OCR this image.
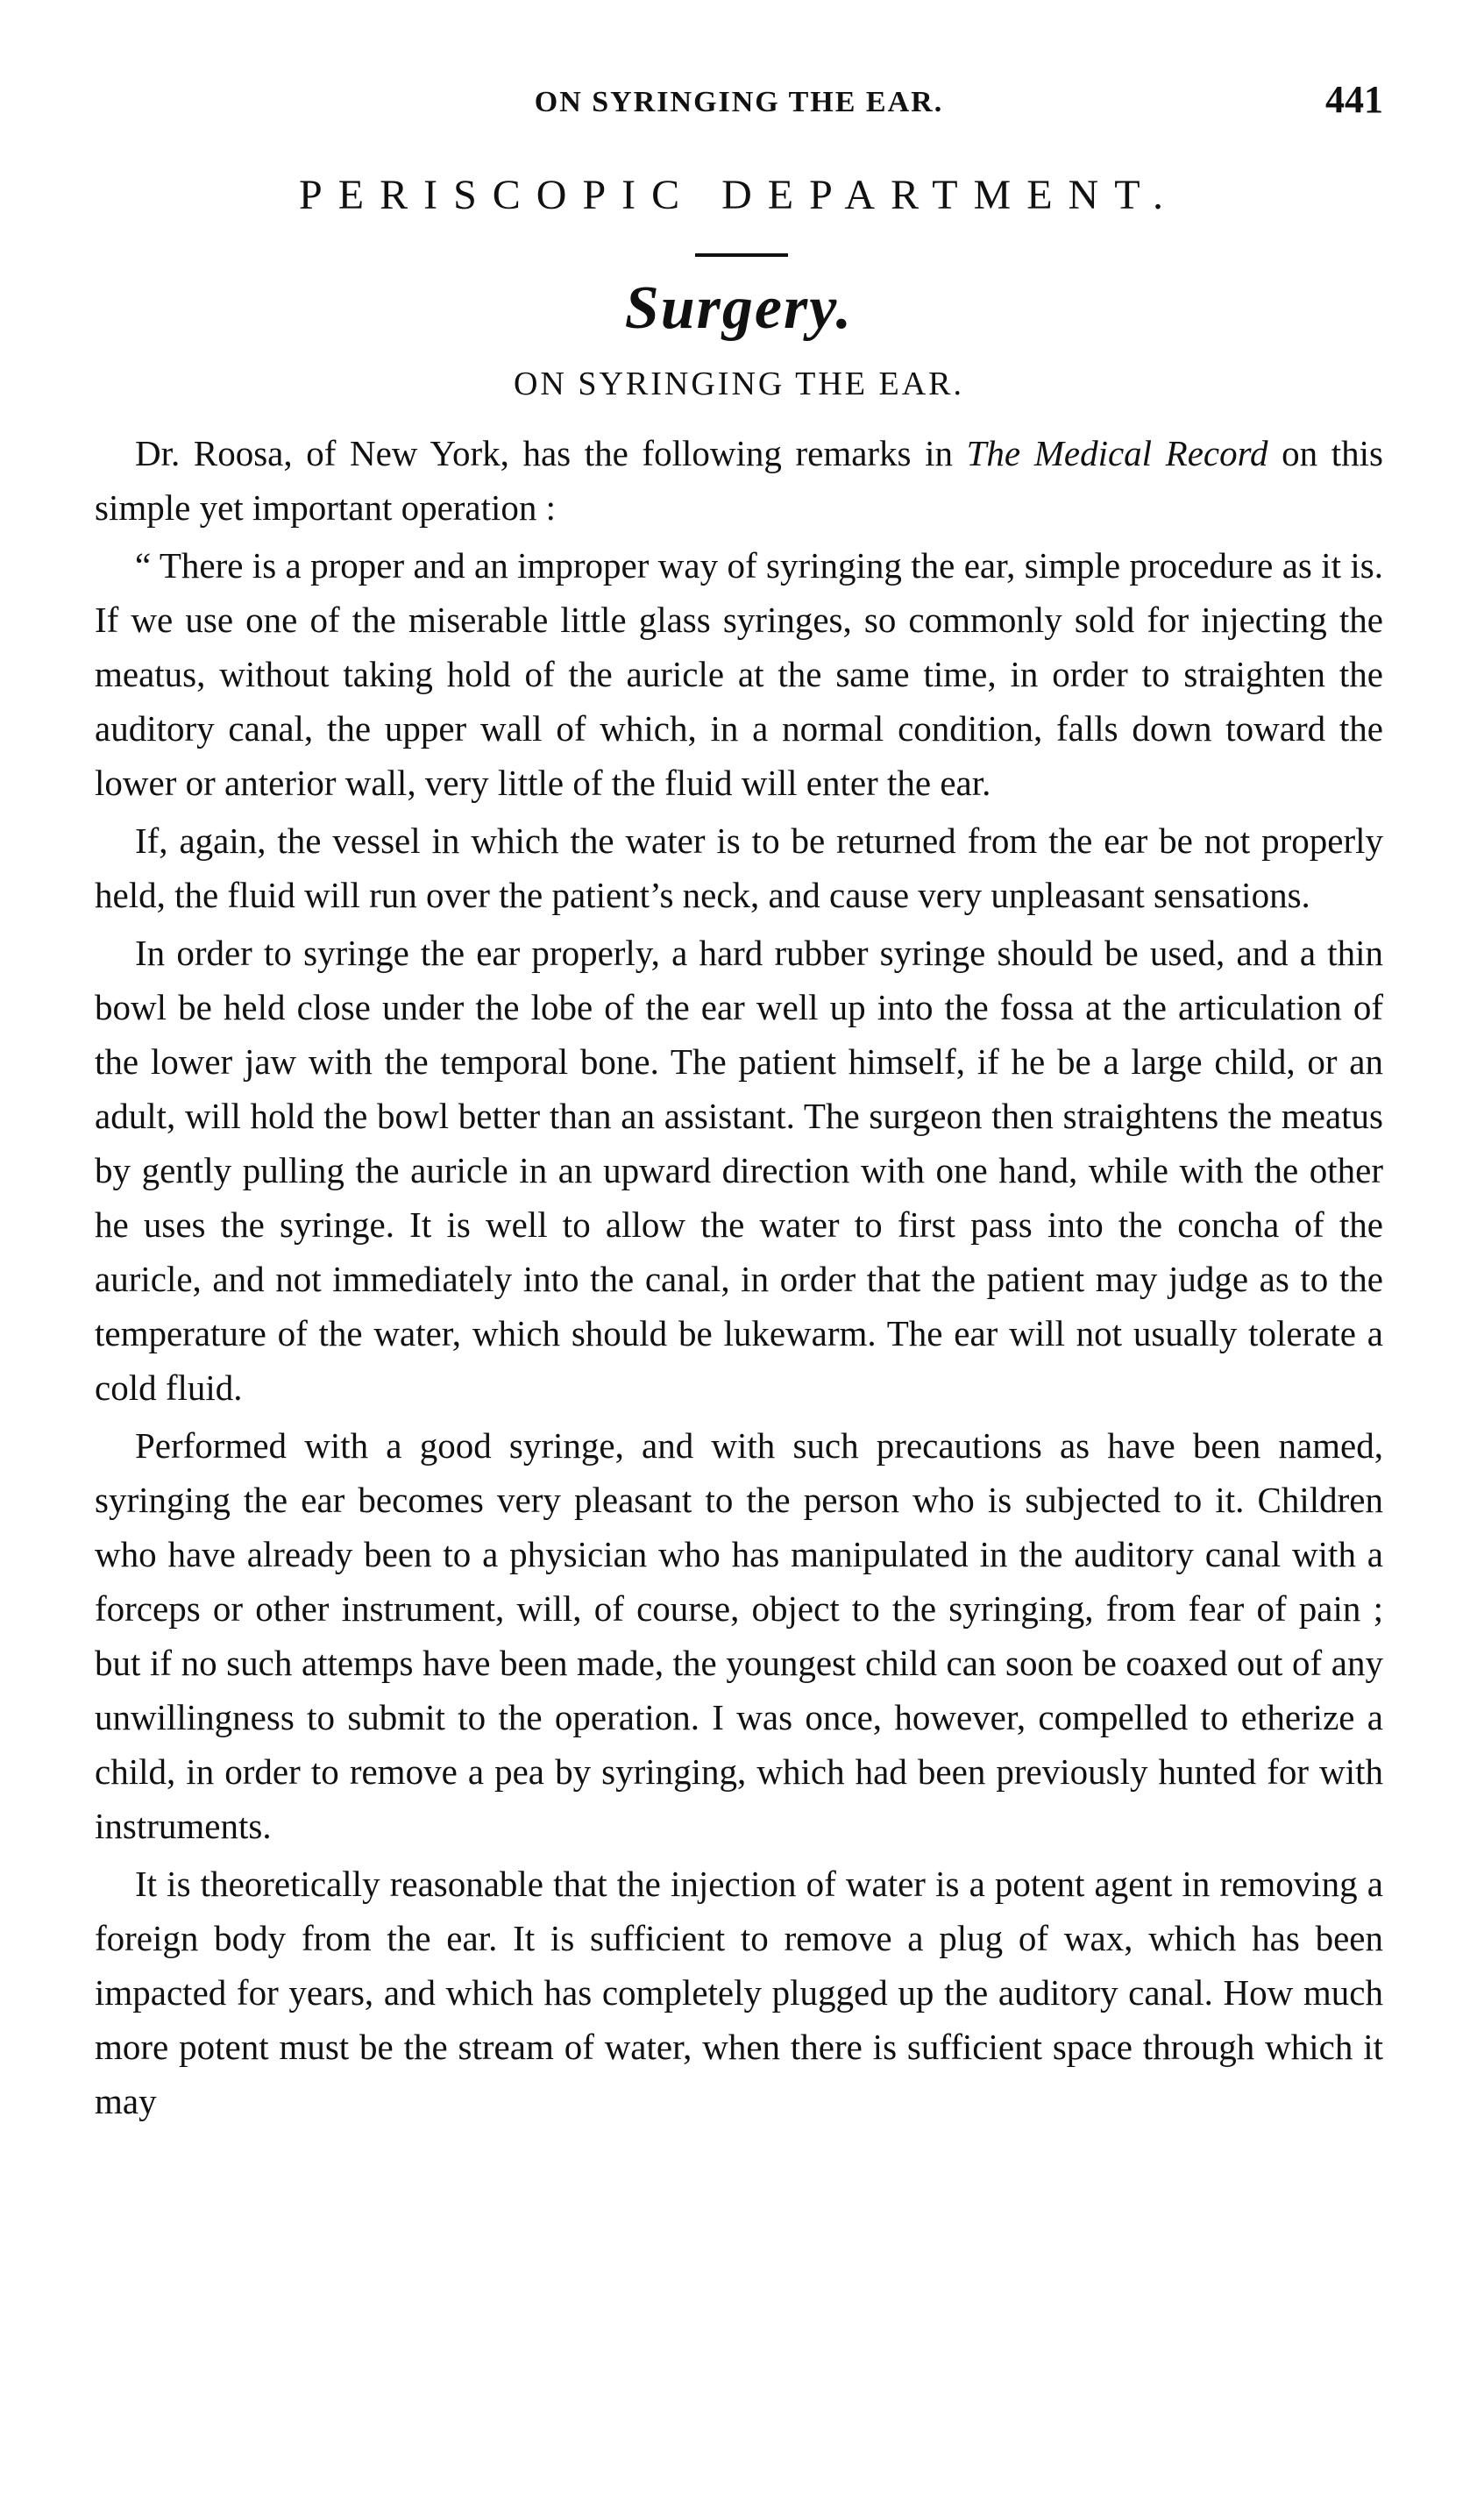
ON SYRINGING THE EAR.	441
PERISCOPIC DEPARTMENT.
Surgery.
ON SYRINGING THE EAR.

Dr. Roosa, of New York, has the following remarks in The Medical Record on this simple yet important operation :

“ There is a proper and an improper way of syringing the ear, simple procedure as it is. If we use one of the miserable little glass syringes, so commonly sold for injecting the meatus, without taking hold of the auricle at the same time, in order to straighten the auditory canal, the upper wall of which, in a normal condition, falls down toward the lower or anterior wall, very little of the fluid will enter the ear.

If, again, the vessel in which the water is to be returned from the ear be not properly held, the fluid will run over the patient’s neck, and cause very unpleasant sensations.

In order to syringe the ear properly, a hard rubber syringe should be used, and a thin bowl be held close under the lobe of the ear well up into the fossa at the articulation of the lower jaw with the temporal bone. The patient himself, if he be a large child, or an adult, will hold the bowl better than an assistant. The surgeon then straightens the meatus by gently pulling the auricle in an upward direction with one hand, while with the other he uses the syringe. It is well to allow the water to first pass into the concha of the auricle, and not immediately into the canal, in order that the patient may judge as to the temperature of the water, which should be lukewarm. The ear will not usually tolerate a cold fluid.

Performed with a good syringe, and with such precautions as have been named, syringing the ear becomes very pleasant to the person who is subjected to it. Children who have already been to a physician who has manipulated in the auditory canal with a forceps or other instrument, will, of course, object to the syringing, from fear of pain ; but if no such attemps have been made, the youngest child can soon be coaxed out of any unwillingness to submit to the operation. I was once, however, compelled to etherize a child, in order to remove a pea by syringing, which had been previously hunted for with instruments.

It is theoretically reasonable that the injection of water is a potent agent in removing a foreign body from the ear. It is sufficient to remove a plug of wax, which has been impacted for years, and which has completely plugged up the auditory canal. How much more potent must be the stream of water, when there is sufficient space through which it may
